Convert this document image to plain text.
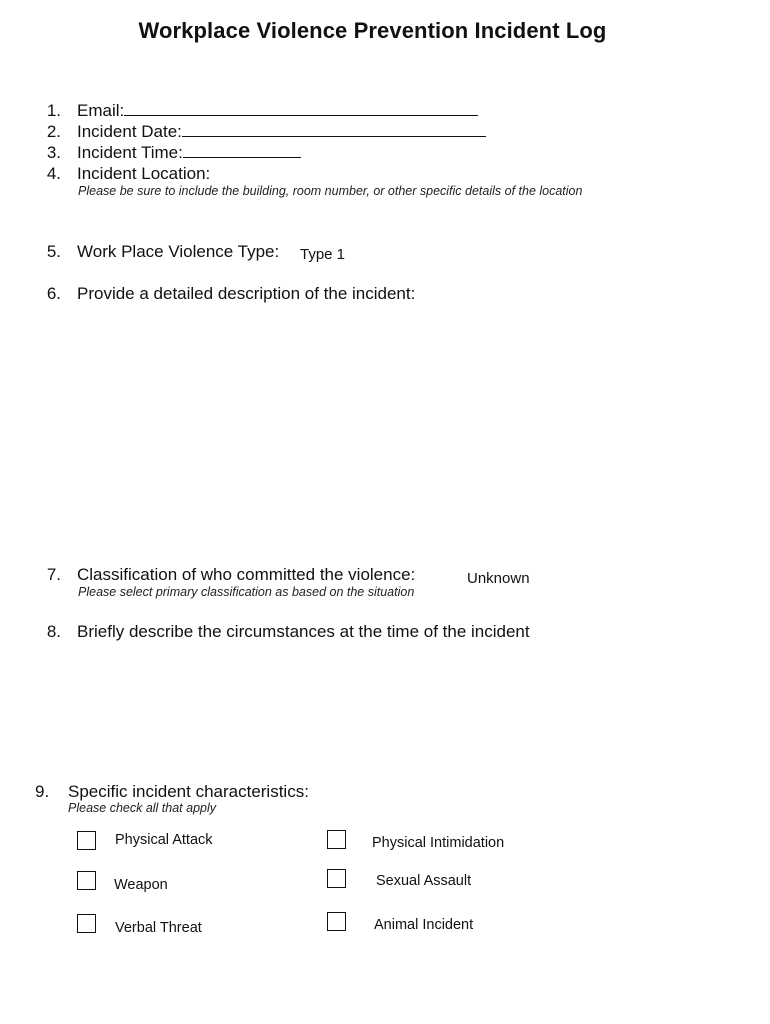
Workplace Violence Prevention Incident Log
1. Email:
2. Incident Date:
3. Incident Time:
4. Incident Location:
Please be sure to include the building, room number, or other specific details of the location
5. Work Place Violence Type: Type 1
6. Provide a detailed description of the incident:
7. Classification of who committed the violence:	Unknown
Please select primary classification as based on the situation
8. Briefly describe the circumstances at the time of the incident
9. Specific incident characteristics:
Please check all that apply
Physical Attack	Physical Intimidation
Weapon	Sexual Assault
Verbal Threat	Animal Incident
